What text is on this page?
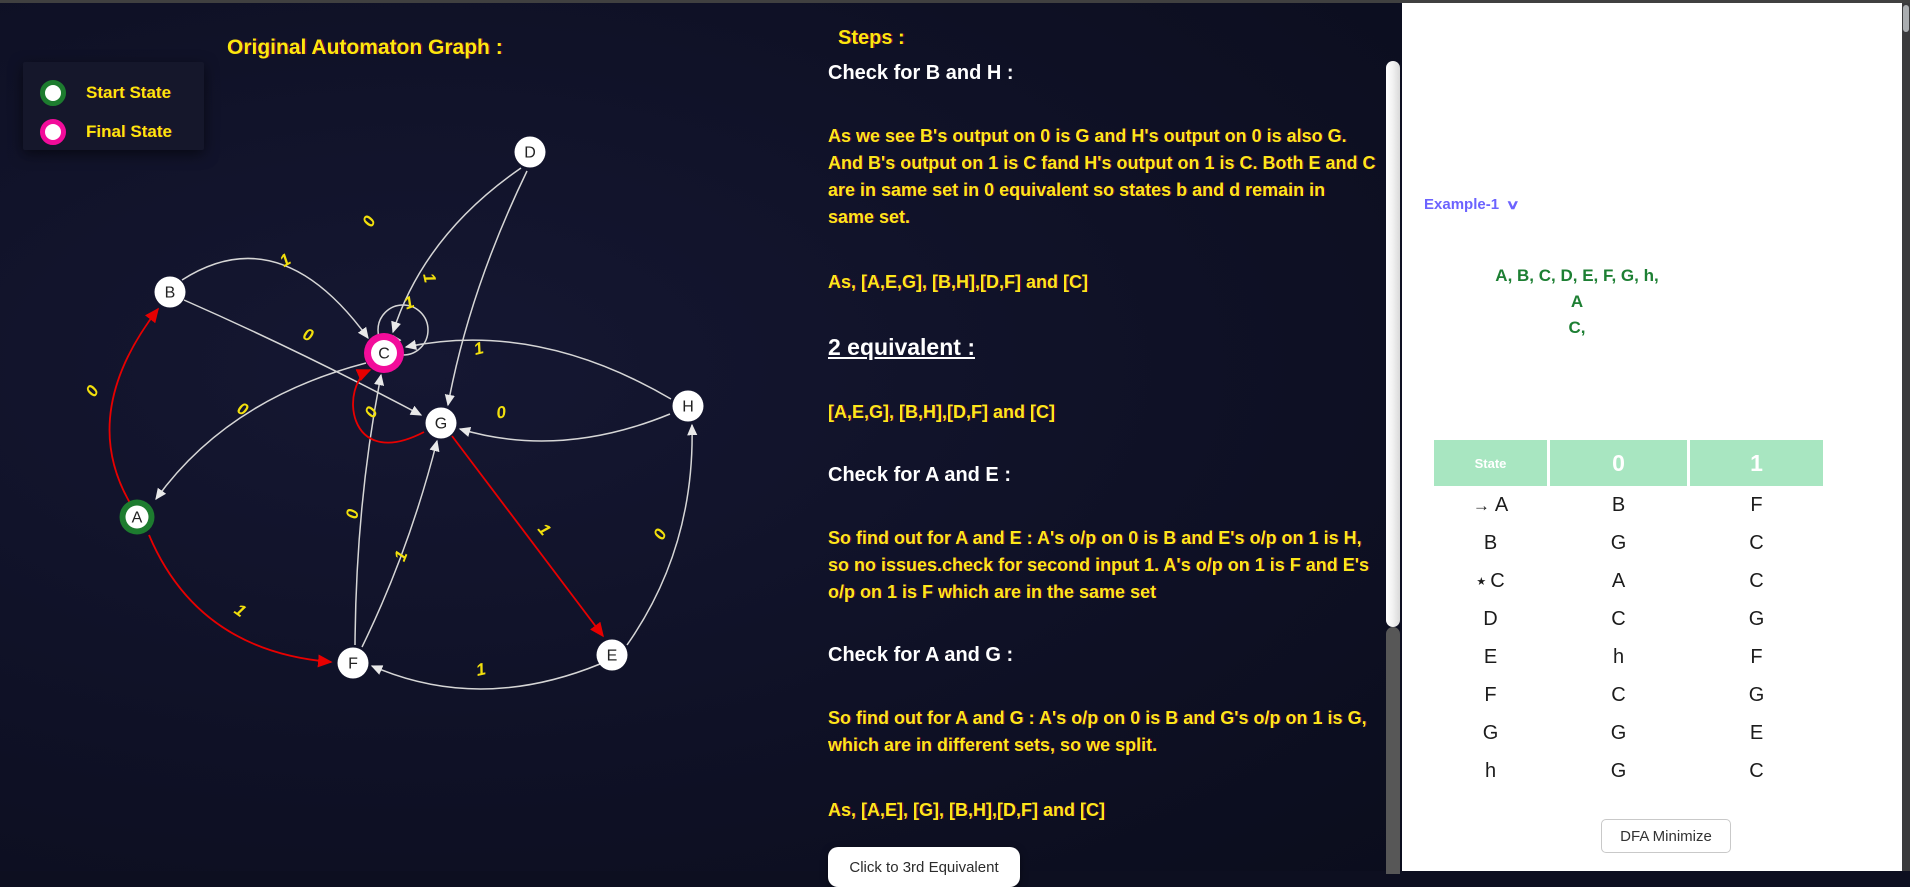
Original Automaton Graph :
Start State
Final State
0
1
0
0
1
0
1
0
1
0
1
1
0
1
1
0
A
B
C
D
E
F
G
H
Steps :
Check for B and H :
As we see B's output on 0 is G and H's output on 0 is also G. And B's output on 1 is C fand H's output on 1 is C. Both E and C are in same set in 0 equivalent so states b and d remain in same set.
As, [A,E,G], [B,H],[D,F] and [C]
2 equivalent :
[A,E,G], [B,H],[D,F] and [C]
Check for A and E :
So find out for A and E : A's o/p on 0 is B and E's o/p on 1 is H, so no issues.check for second input 1. A's o/p on 1 is F and E's o/p on 1 is F which are in the same set
Check for A and G :
So find out for A and G : A's o/p on 0 is B and G's o/p on 1 is G, which are in different sets, so we split.
As, [A,E], [G], [B,H],[D,F] and [C]
Click to 3rd Equivalent
Example-1 ∨
A, B, C, D, E, F, G, h,
A
C,
State	0	1
→ A	B	F
B	G	C
★ C	A	C
D	C	G
E	h	F
F	C	G
G	G	E
h	G	C
DFA Minimize
